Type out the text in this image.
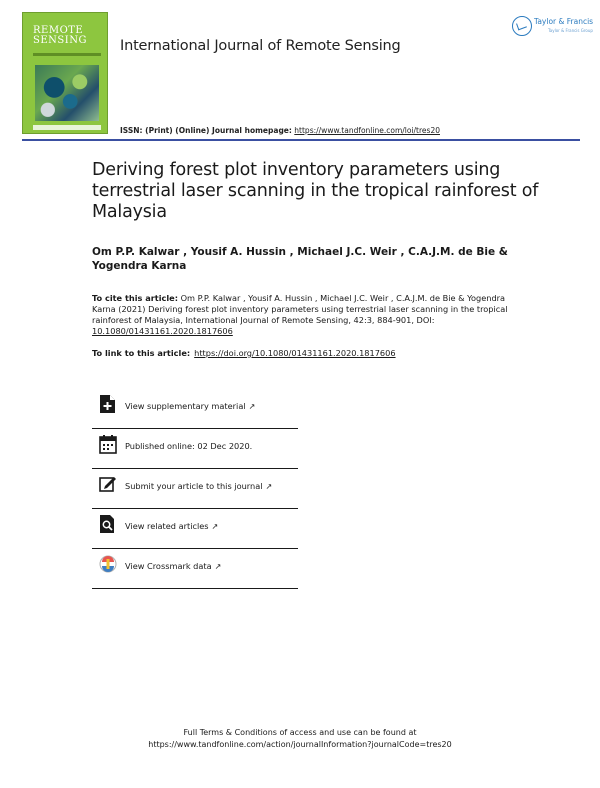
REMOTE SENSING	International Journal of Remote Sensing
Taylor & Francis
Taylor & Francis Group
ISSN: (Print) (Online) Journal homepage: https://www.tandfonline.com/loi/tres20
Deriving forest plot inventory parameters using terrestrial laser scanning in the tropical rainforest of Malaysia
Om P.P. Kalwar , Yousif A. Hussin , Michael J.C. Weir , C.A.J.M. de Bie & Yogendra Karna
To cite this article: Om P.P. Kalwar , Yousif A. Hussin , Michael J.C. Weir , C.A.J.M. de Bie & Yogendra Karna (2021) Deriving forest plot inventory parameters using terrestrial laser scanning in the tropical rainforest of Malaysia, International Journal of Remote Sensing, 42:3, 884-901, DOI: 10.1080/01431161.2020.1817606
To link to this article: https://doi.org/10.1080/01431161.2020.1817606
View supplementary material ↗
Published online: 02 Dec 2020.
Submit your article to this journal ↗
View related articles ↗
View Crossmark data ↗
Full Terms & Conditions of access and use can be found at
https://www.tandfonline.com/action/journalInformation?journalCode=tres20
